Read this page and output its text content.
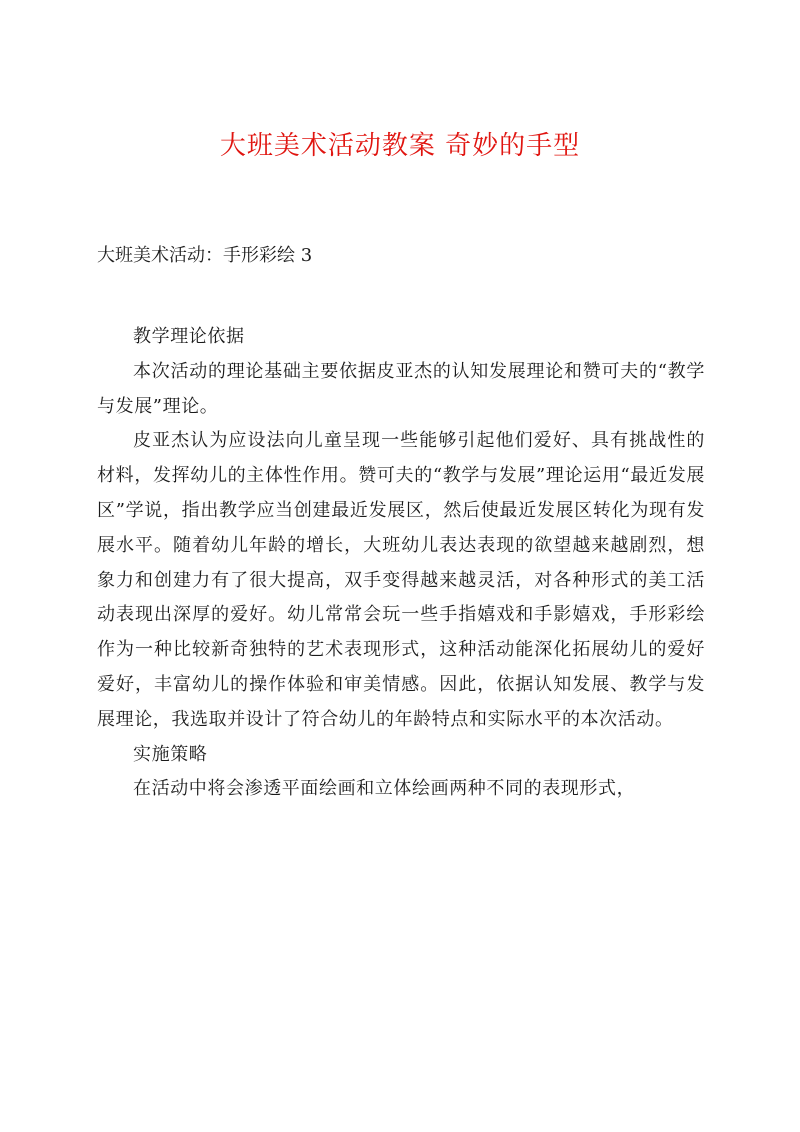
大班美术活动教案 奇妙的手型

大班美术活动：手形彩绘 3

教学理论依据

本次活动的理论基础主要依据皮亚杰的认知发展理论和赞可夫的“教学与发展”理论。

皮亚杰认为应设法向儿童呈现一些能够引起他们爱好、具有挑战性的材料，发挥幼儿的主体性作用。赞可夫的“教学与发展”理论运用“最近发展区”学说，指出教学应当创建最近发展区，然后使最近发展区转化为现有发展水平。随着幼儿年龄的增长，大班幼儿表达表现的欲望越来越剧烈，想象力和创建力有了很大提高，双手变得越来越灵活，对各种形式的美工活动表现出深厚的爱好。幼儿常常会玩一些手指嬉戏和手影嬉戏，手形彩绘作为一种比较新奇独特的艺术表现形式，这种活动能深化拓展幼儿的爱好爱好，丰富幼儿的操作体验和审美情感。因此，依据认知发展、教学与发展理论，我选取并设计了符合幼儿的年龄特点和实际水平的本次活动。

实施策略

在活动中将会渗透平面绘画和立体绘画两种不同的表现形式，
